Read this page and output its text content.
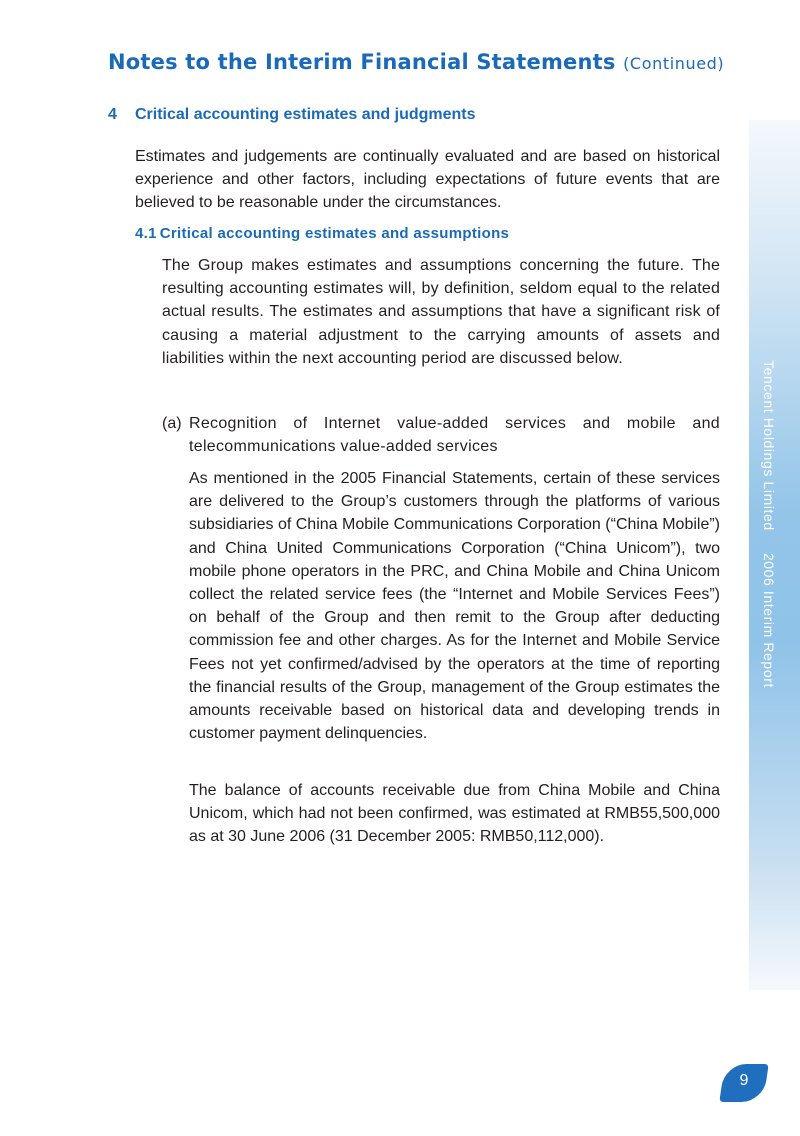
Notes to the Interim Financial Statements (Continued)
4 Critical accounting estimates and judgments

Estimates and judgements are continually evaluated and are based on historical experience and other factors, including expectations of future events that are believed to be reasonable under the circumstances.

4.1 Critical accounting estimates and assumptions

The Group makes estimates and assumptions concerning the future. The resulting accounting estimates will, by definition, seldom equal to the related actual results. The estimates and assumptions that have a significant risk of causing a material adjustment to the carrying amounts of assets and liabilities within the next accounting period are discussed below.

(a) Recognition of Internet value-added services and mobile and telecommunications value-added services

As mentioned in the 2005 Financial Statements, certain of these services are delivered to the Group’s customers through the platforms of various subsidiaries of China Mobile Communications Corporation (“China Mobile”) and China United Communications Corporation (“China Unicom”), two mobile phone operators in the PRC, and China Mobile and China Unicom collect the related service fees (the “Internet and Mobile Services Fees”) on behalf of the Group and then remit to the Group after deducting commission fee and other charges. As for the Internet and Mobile Service Fees not yet confirmed/advised by the operators at the time of reporting the financial results of the Group, management of the Group estimates the amounts receivable based on historical data and developing trends in customer payment delinquencies.

The balance of accounts receivable due from China Mobile and China Unicom, which had not been confirmed, was estimated at RMB55,500,000 as at 30 June 2006 (31 December 2005: RMB50,112,000).

Tencent Holdings Limited2006 Interim Report
9
